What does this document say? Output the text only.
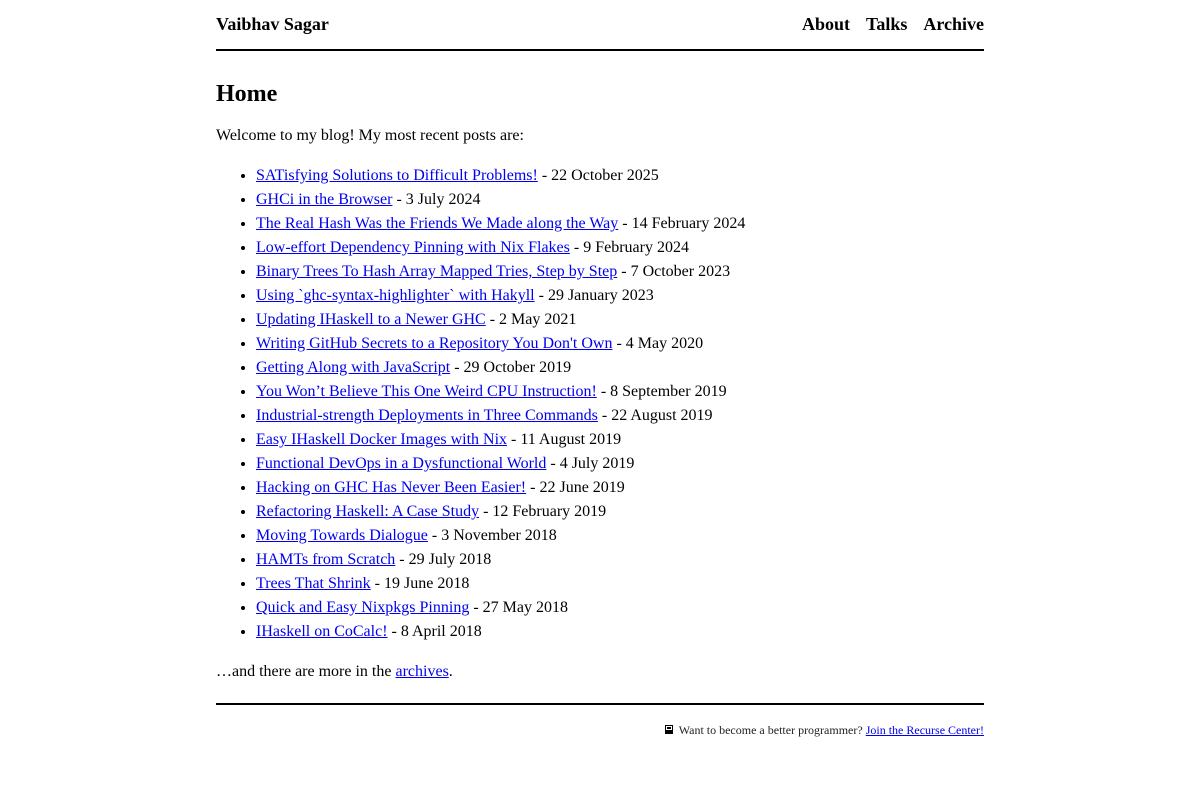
Vaibhav Sagar	About Talks Archive
Home

Welcome to my blog! My most recent posts are:

• SATisfying Solutions to Difficult Problems! - 22 October 2025
• GHCi in the Browser - 3 July 2024
• The Real Hash Was the Friends We Made along the Way - 14 February 2024
• Low-effort Dependency Pinning with Nix Flakes - 9 February 2024
• Binary Trees To Hash Array Mapped Tries, Step by Step - 7 October 2023
• Using `ghc-syntax-highlighter` with Hakyll - 29 January 2023
• Updating IHaskell to a Newer GHC - 2 May 2021
• Writing GitHub Secrets to a Repository You Don't Own - 4 May 2020
• Getting Along with JavaScript - 29 October 2019
• You Won’t Believe This One Weird CPU Instruction! - 8 September 2019
• Industrial-strength Deployments in Three Commands - 22 August 2019
• Easy IHaskell Docker Images with Nix - 11 August 2019
• Functional DevOps in a Dysfunctional World - 4 July 2019
• Hacking on GHC Has Never Been Easier! - 22 June 2019
• Refactoring Haskell: A Case Study - 12 February 2019
• Moving Towards Dialogue - 3 November 2018
• HAMTs from Scratch - 29 July 2018
• Trees That Shrink - 19 June 2018
• Quick and Easy Nixpkgs Pinning - 27 May 2018
• IHaskell on CoCalc! - 8 April 2018

…and there are more in the archives.

Want to become a better programmer? Join the Recurse Center!
